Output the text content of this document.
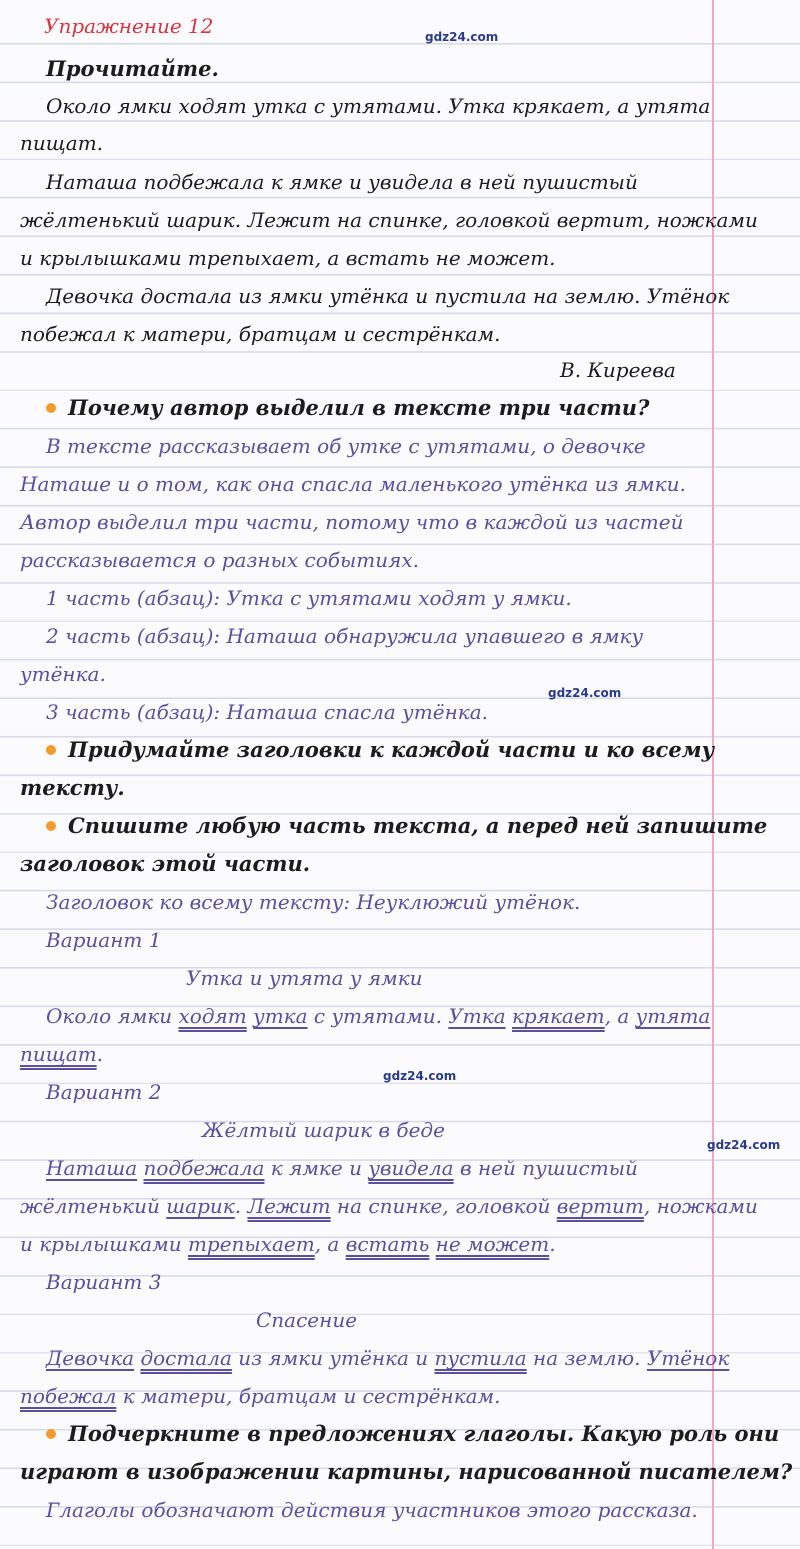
gdz24.com
gdz24.com
gdz24.com
gdz24.com
Упражнение 12
Прочитайте.
Около ямки ходят утка с утятами. Утка крякает, а утята
пищат.
Наташа подбежала к ямке и увидела в ней пушистый
жёлтенький шарик. Лежит на спинке, головкой вертит, ножками
и крылышками трепыхает, а встать не может.
Девочка достала из ямки утёнка и пустила на землю. Утёнок
побежал к матери, братцам и сестрёнкам.
В. Киреева
Почему автор выделил в тексте три части?
В тексте рассказывает об утке с утятами, о девочке
Наташе и о том, как она спасла маленького утёнка из ямки.
Автор выделил три части, потому что в каждой из частей
рассказывается о разных событиях.
1 часть (абзац): Утка с утятами ходят у ямки.
2 часть (абзац): Наташа обнаружила упавшего в ямку
утёнка.
3 часть (абзац): Наташа спасла утёнка.
Придумайте заголовки к каждой части и ко всему
тексту.
Спишите любую часть текста, а перед ней запишите
заголовок этой части.
Заголовок ко всему тексту: Неуклюжий утёнок.
Вариант 1
Утка и утята у ямки
Около ямки ходят утка с утятами. Утка крякает, а утята
пищат.
Вариант 2
Жёлтый шарик в беде
Наташа подбежала к ямке и увидела в ней пушистый
жёлтенький шарик. Лежит на спинке, головкой вертит, ножками
и крылышками трепыхает, а встать не может.
Вариант 3
Спасение
Девочка достала из ямки утёнка и пустила на землю. Утёнок
побежал к матери, братцам и сестрёнкам.
Подчеркните в предложениях глаголы. Какую роль они
играют в изображении картины, нарисованной писателем?
Глаголы обозначают действия участников этого рассказа.
